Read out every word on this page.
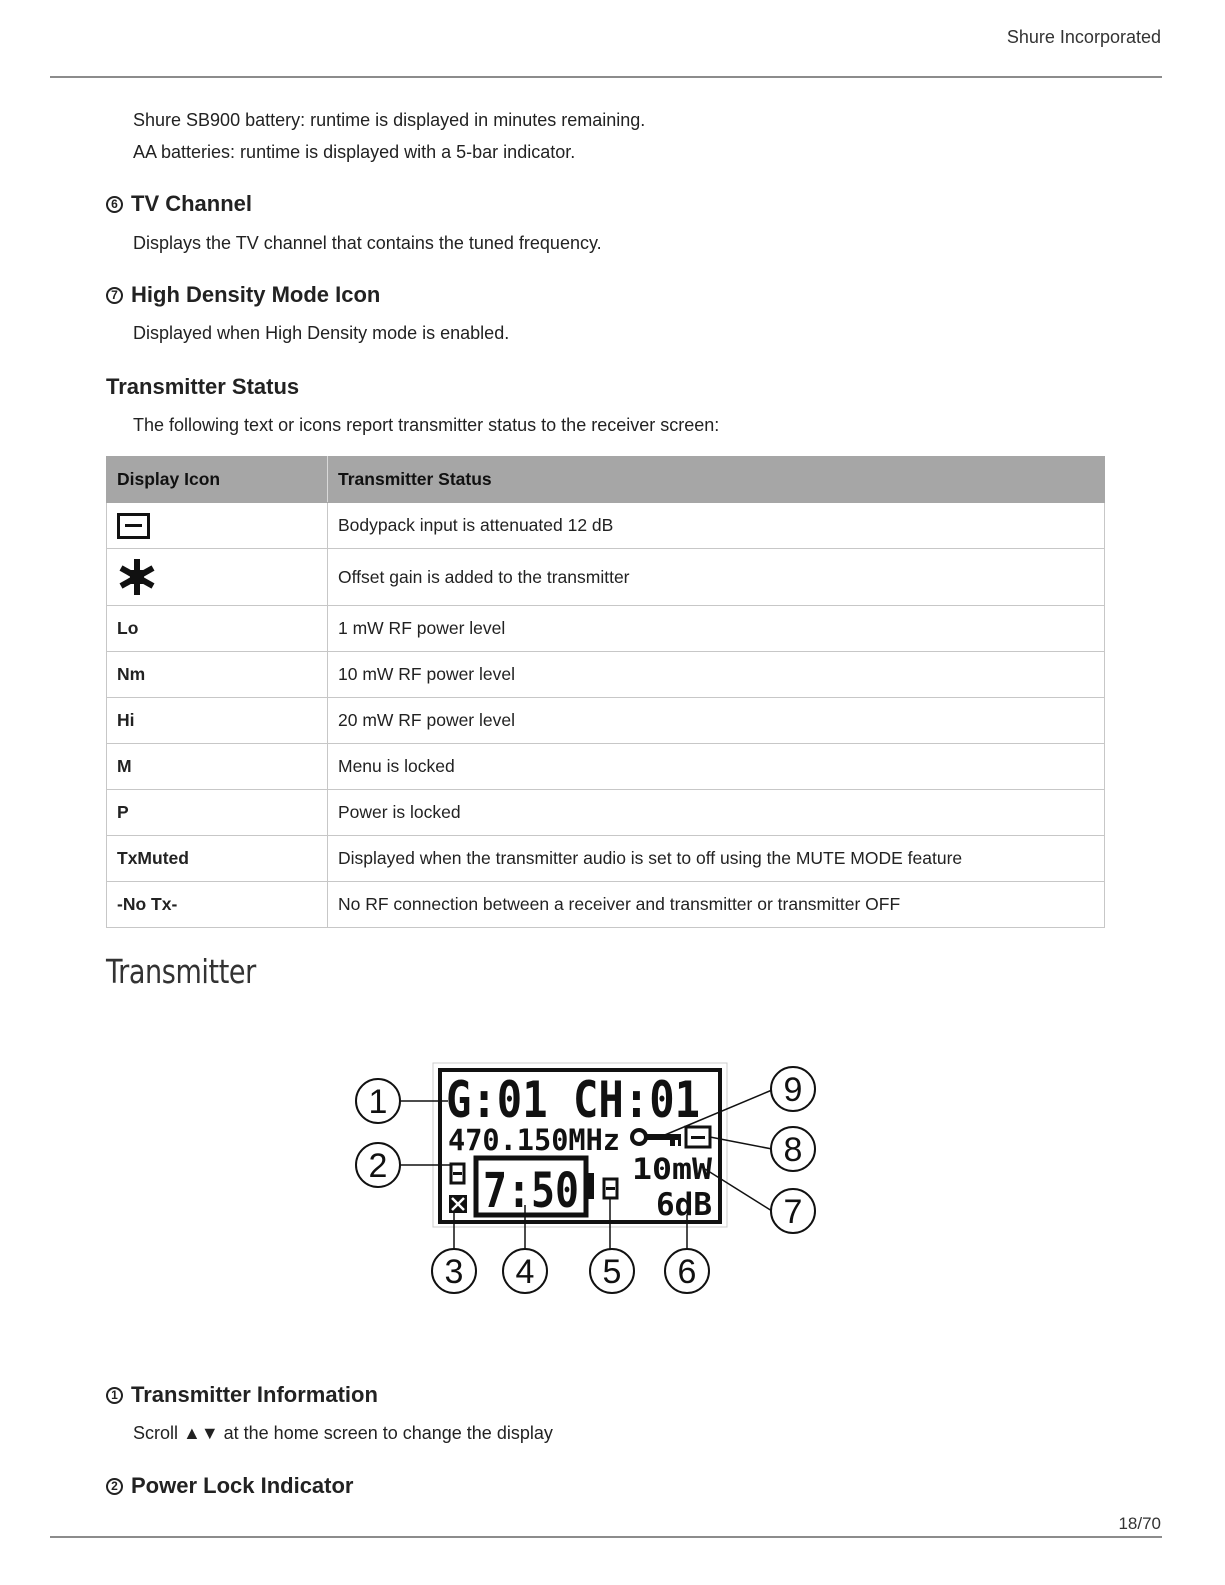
Shure Incorporated
Shure SB900 battery: runtime is displayed in minutes remaining.
AA batteries: runtime is displayed with a 5-bar indicator.
6 TV Channel
Displays the TV channel that contains the tuned frequency.
7 High Density Mode Icon
Displayed when High Density mode is enabled.
Transmitter Status
The following text or icons report transmitter status to the receiver screen:
Display Icon	Transmitter Status
	Bodypack input is attenuated 12 dB
	Offset gain is added to the transmitter
Lo	1 mW RF power level
Nm	10 mW RF power level
Hi	20 mW RF power level
M	Menu is locked
P	Power is locked
TxMuted	Displayed when the transmitter audio is set to off using the MUTE MODE feature
-No Tx-	No RF connection between a receiver and transmitter or transmitter OFF
Transmitter
G:01 CH:01
470.150MHz
7:50 10mW
6dB
1
2
3 4 5 6
7
8
9
1 Transmitter Information
Scroll ▲▼ at the home screen to change the display
2 Power Lock Indicator
18/70
